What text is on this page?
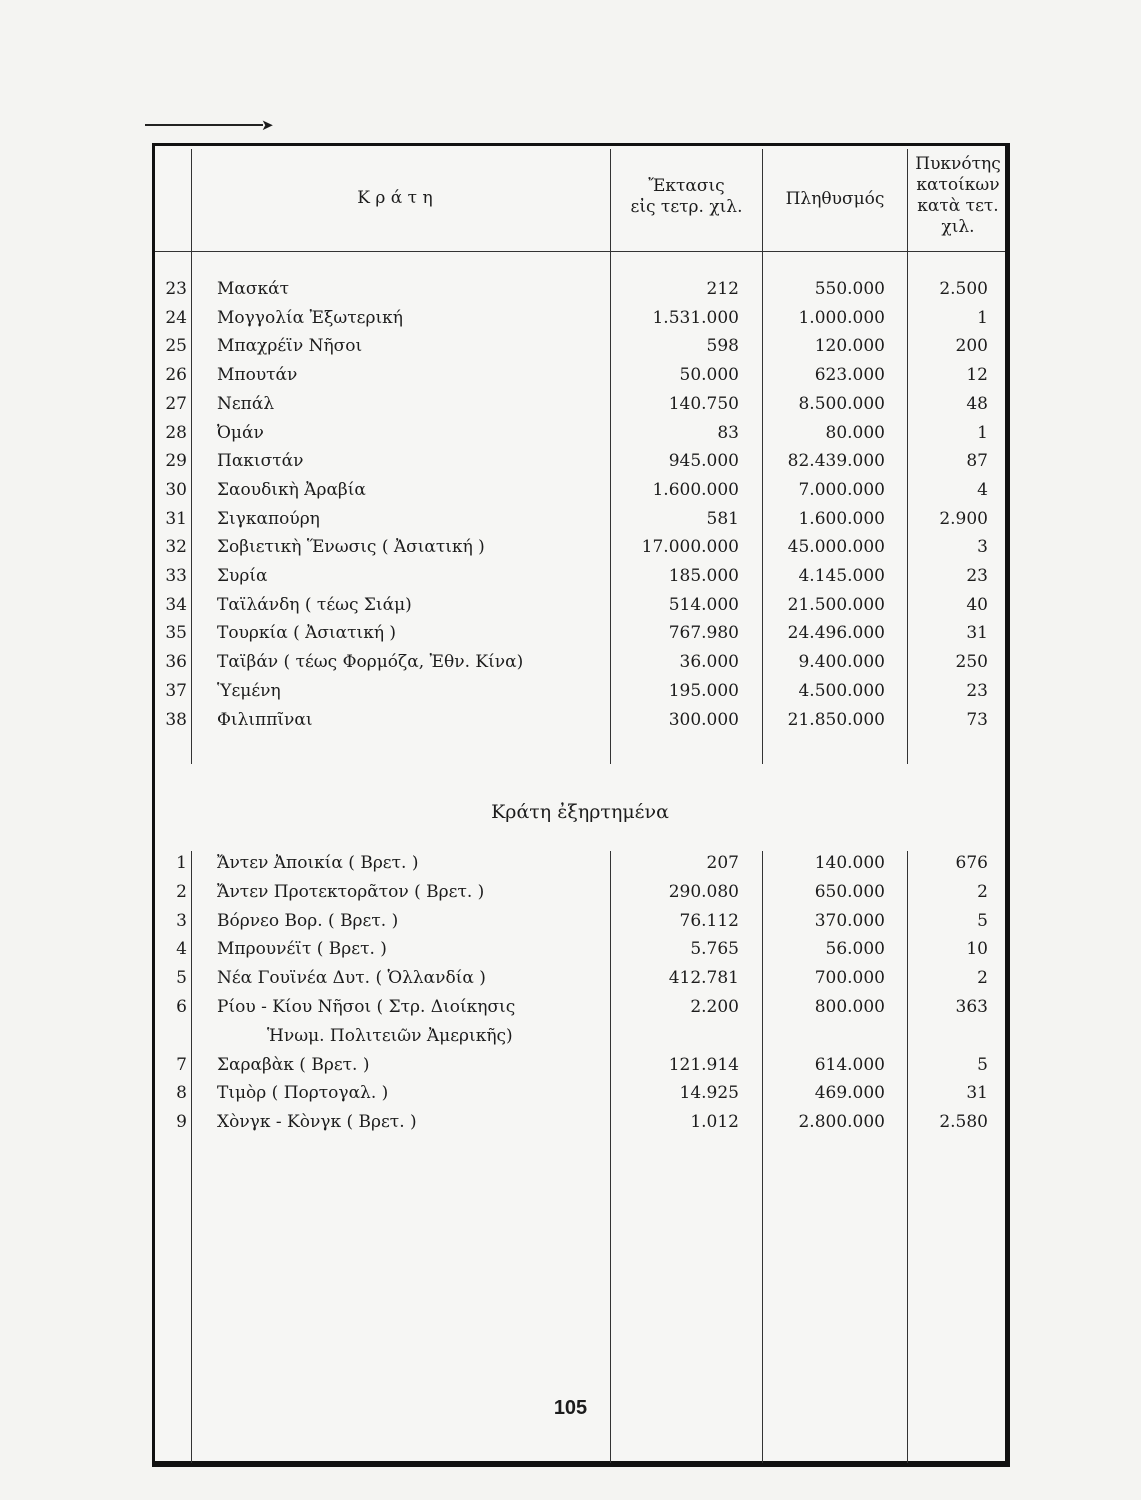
➤
Κ ρ ά τ η
Ἔκτασις
εἰς τετρ. χιλ.	Πληθυσμός
Πυκνότης
κατοίκων
κατὰ τετ.
χιλ.
23 Μασκάτ	212	550.000	2.500
24 Μογγολία Ἐξωτερική	1.531.000	1.000.000	1
25 Μπαχρέϊν Νῆσοι	598	120.000	200
26 Μπουτάν	50.000	623.000	12
27 Νεπάλ	140.750	8.500.000	48
28 Ὀμάν	83	80.000	1
29 Πακιστάν	945.000	82.439.000	87
30 Σαουδικὴ Ἀραβία	1.600.000	7.000.000	4
31 Σιγκαπούρη	581	1.600.000	2.900
32 Σοβιετικὴ Ἕνωσις ( Ἀσιατική )	17.000.000	45.000.000	3
33 Συρία	185.000	4.145.000	23
34 Ταϊλάνδη ( τέως Σιάμ)	514.000	21.500.000	40
35 Τουρκία ( Ἀσιατική )	767.980	24.496.000	31
36 Ταϊβάν ( τέως Φορμόζα, Ἐθν. Κίνα)	36.000	9.400.000	250
37 Ὑεμένη	195.000	4.500.000	23
38 Φιλιππῖναι	300.000	21.850.000	73
Κράτη ἐξηρτημένα
1 Ἄντεν Ἀποικία ( Βρετ. )	207	140.000	676
2 Ἄντεν Προτεκτορᾶτον ( Βρετ. )	290.080	650.000	2
3 Βόρνεο Βορ. ( Βρετ. )	76.112	370.000	5
4 Μπρουνέϊτ ( Βρετ. )	5.765	56.000	10
5 Νέα Γουϊνέα Δυτ. ( Ὁλλανδία )	412.781	700.000	2
6 Ρίου - Κίου Νῆσοι ( Στρ. Διοίκησις
Ἡνωμ. Πολιτειῶν Ἀμερικῆς)
2.200	800.000	363
7 Σαραβὰκ ( Βρετ. )	121.914	614.000	5
8 Τιμὸρ ( Πορτογαλ. )	14.925	469.000	31
9 Χὸνγκ - Κὸνγκ ( Βρετ. )	1.012	2.800.000	2.580
105
